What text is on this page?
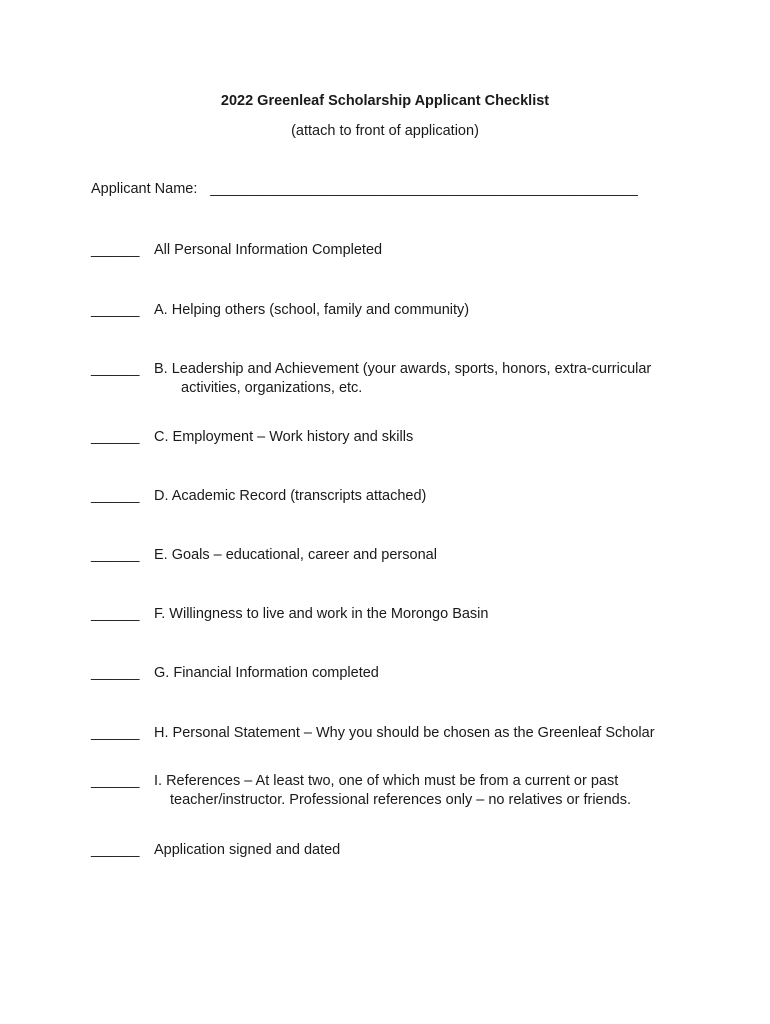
2022 Greenleaf Scholarship Applicant Checklist
(attach to front of application)
Applicant Name: _____________________________________________________
______ All Personal Information Completed
______ A. Helping others (school, family and community)
______ B. Leadership and Achievement (your awards, sports, honors, extra-curricular
activities, organizations, etc.
______ C. Employment – Work history and skills
______ D. Academic Record (transcripts attached)
______ E. Goals – educational, career and personal
______ F. Willingness to live and work in the Morongo Basin
______ G. Financial Information completed
______ H. Personal Statement – Why you should be chosen as the Greenleaf Scholar
______ I. References – At least two, one of which must be from a current or past
teacher/instructor. Professional references only – no relatives or friends.
______ Application signed and dated
